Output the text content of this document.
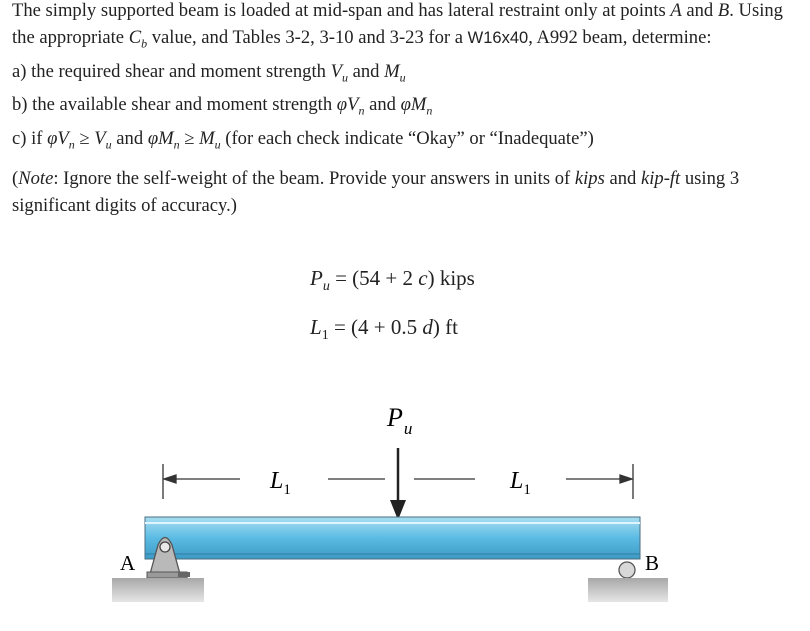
The simply supported beam is loaded at mid-span and has lateral restraint only at points A and B. Using the appropriate $C_b$ value, and Tables 3-2, 3-10 and 3-23 for a W16x40, A992 beam, determine:

a) the required shear and moment strength $V_u$ and $M_u$

b) the available shear and moment strength $\varphi V_n$ and $\varphi M_n$

c) if $\varphi V_n \ge V_u$ and $\varphi M_n \ge M_u$ (for each check indicate “Okay” or “Inadequate”)

(Note: Ignore the self-weight of the beam. Provide your answers in units of kips and kip-ft using 3 significant digits of accuracy.)

$P_u = (54 + 2$ c) kips
$L_1 = (4 + 0.5$ d) ft
$P_u$
$L_1$	$L_1$
A	B
